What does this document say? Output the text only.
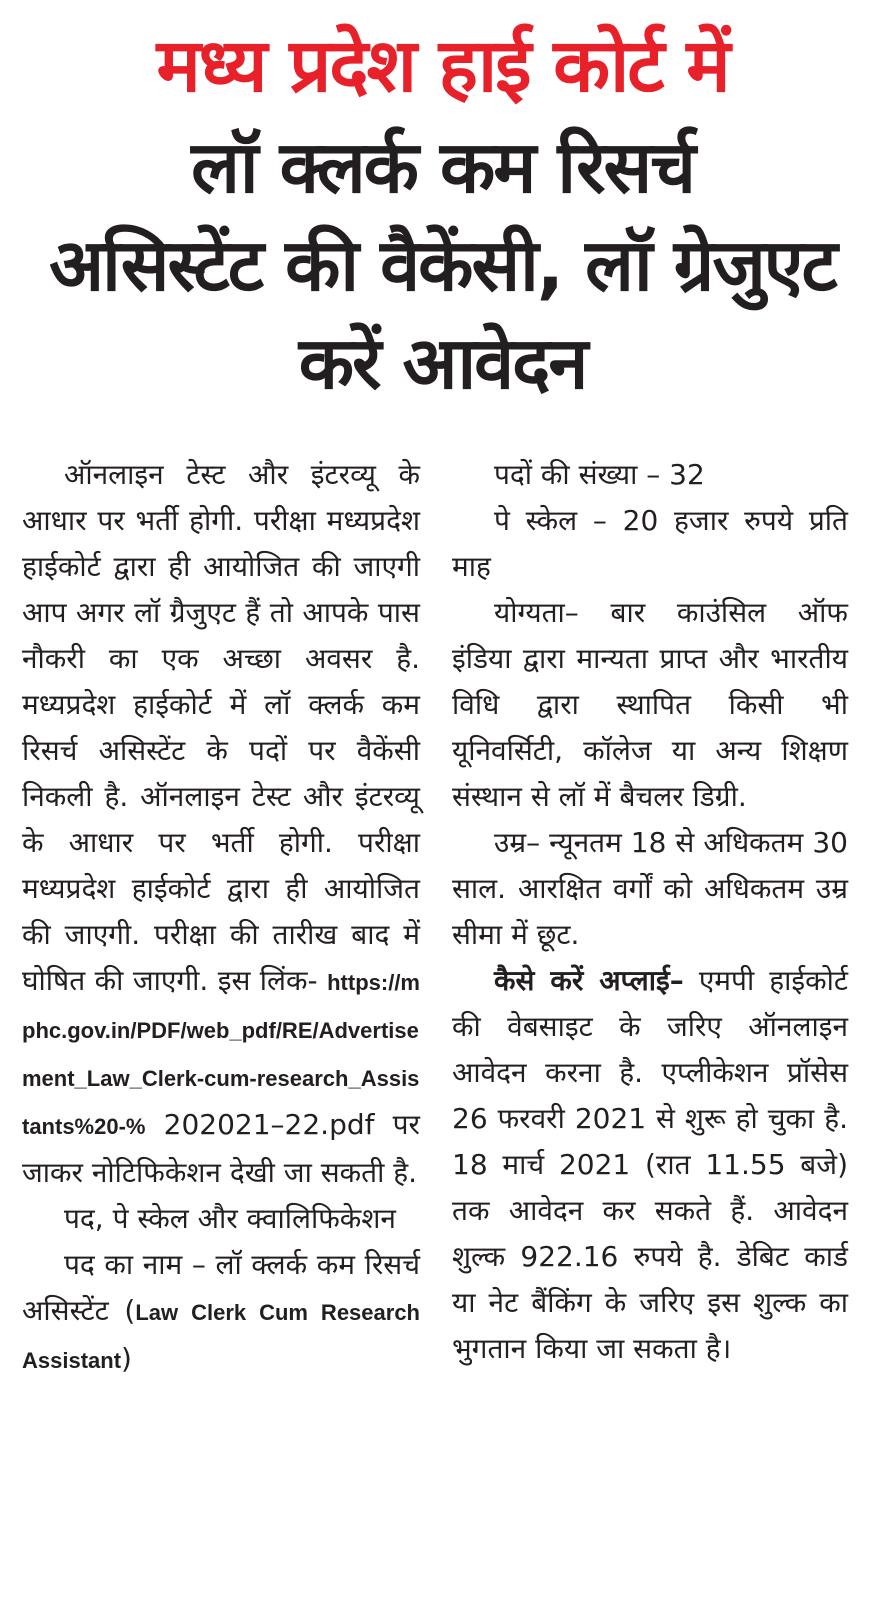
मध्य प्रदेश हाई कोर्ट में
लॉ क्लर्क कम रिसर्च
असिस्टेंट की वैकेंसी, लॉ ग्रेजुएट
करें आवेदन

ऑनलाइन टेस्ट और इंटरव्यू के आधार पर भर्ती होगी. परीक्षा मध्यप्रदेश हाईकोर्ट द्वारा ही आयोजित की जाएगी आप अगर लॉ ग्रैजुएट हैं तो आपके पास नौकरी का एक अच्छा अवसर है. मध्यप्रदेश हाईकोर्ट में लॉ क्लर्क कम रिसर्च असिस्टेंट के पदों पर वैकेंसी निकली है. ऑनलाइन टेस्ट और इंटरव्यू के आधार पर भर्ती होगी. परीक्षा मध्यप्रदेश हाईकोर्ट द्वारा ही आयोजित की जाएगी. परीक्षा की तारीख बाद में घोषित की जाएगी. इस लिंक- https://mphc.gov.in/PDF/web_pdf/RE/Advertisement_Law_Clerk-cum-research_Assistants%20-% 202021–22.pdf पर जाकर नोटिफिकेशन देखी जा सकती है.

पद, पे स्केल और क्वालिफिकेशन

पद का नाम – लॉ क्लर्क कम रिसर्च असिस्टेंट (Law Clerk Cum Research Assistant)

पदों की संख्या – 32

पे स्केल – 20 हजार रुपये प्रति माह

योग्यता– बार काउंसिल ऑफ इंडिया द्वारा मान्यता प्राप्त और भारतीय विधि द्वारा स्थापित किसी भी यूनिवर्सिटी, कॉलेज या अन्य शिक्षण संस्थान से लॉ में बैचलर डिग्री.

उम्र– न्यूनतम 18 से अधिकतम 30 साल. आरक्षित वर्गों को अधिकतम उम्र सीमा में छूट.

कैसे करें अप्लाई– एमपी हाईकोर्ट की वेबसाइट के जरिए ऑनलाइन आवेदन करना है. एप्लीकेशन प्रॉसेस 26 फरवरी 2021 से शुरू हो चुका है. 18 मार्च 2021 (रात 11.55 बजे) तक आवेदन कर सकते हैं. आवेदन शुल्क 922.16 रुपये है. डेबिट कार्ड या नेट बैंकिंग के जरिए इस शुल्क का भुगतान किया जा सकता है।
